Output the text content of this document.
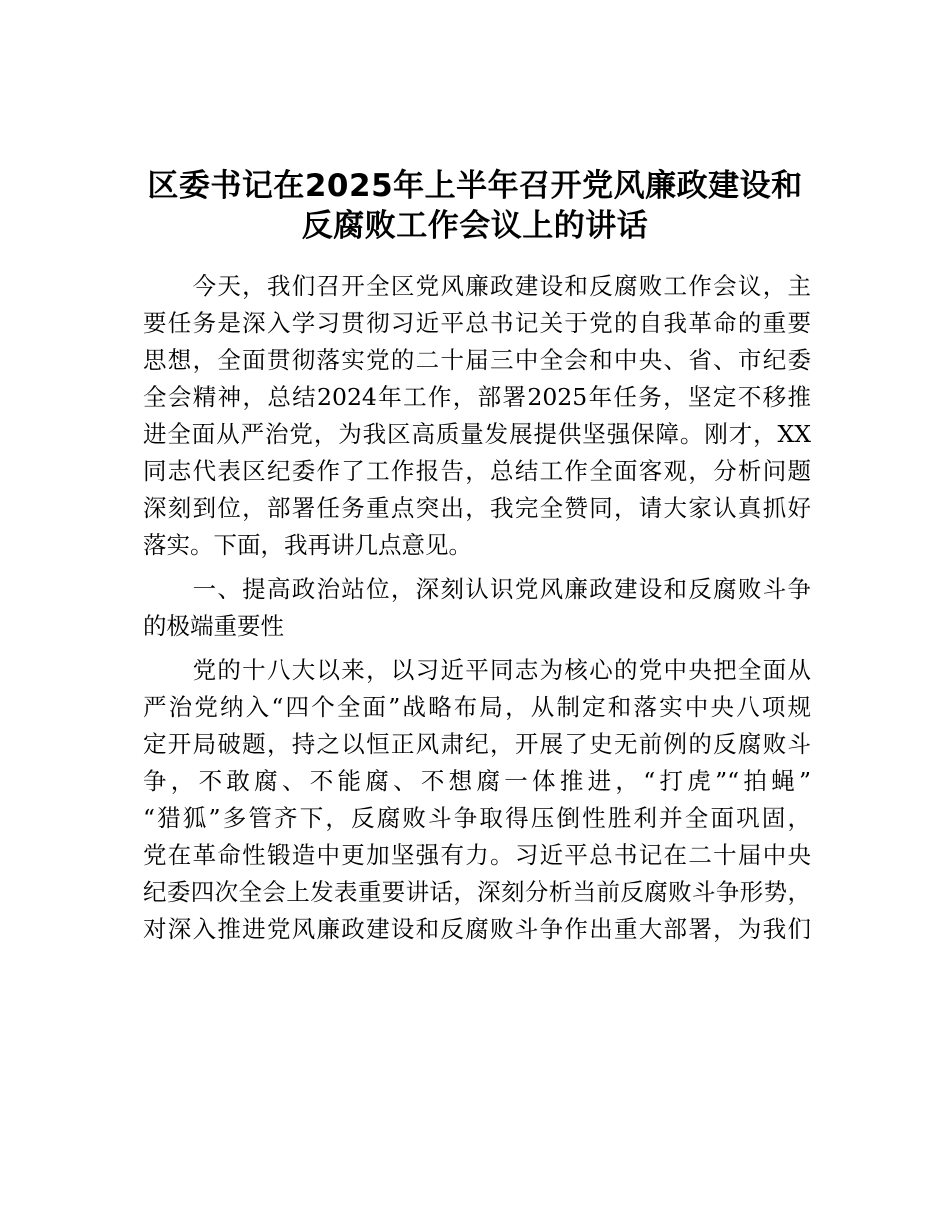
区委书记在2025年上半年召开党风廉政建设和
反腐败工作会议上的讲话
　　今天，我们召开全区党风廉政建设和反腐败工作会议，主
要任务是深入学习贯彻习近平总书记关于党的自我革命的重要
思想，全面贯彻落实党的二十届三中全会和中央、省、市纪委
全会精神，总结2024年工作，部署2025年任务，坚定不移推
进全面从严治党，为我区高质量发展提供坚强保障。刚才，XX
同志代表区纪委作了工作报告，总结工作全面客观，分析问题
深刻到位，部署任务重点突出，我完全赞同，请大家认真抓好
落实。下面，我再讲几点意见。
　　一、提高政治站位，深刻认识党风廉政建设和反腐败斗争
的极端重要性
　　党的十八大以来，以习近平同志为核心的党中央把全面从
严治党纳入“四个全面”战略布局，从制定和落实中央八项规
定开局破题，持之以恒正风肃纪，开展了史无前例的反腐败斗
争，不敢腐、不能腐、不想腐一体推进，“打虎”“拍蝇”
“猎狐”多管齐下，反腐败斗争取得压倒性胜利并全面巩固，
党在革命性锻造中更加坚强有力。习近平总书记在二十届中央
纪委四次全会上发表重要讲话，深刻分析当前反腐败斗争形势，
对深入推进党风廉政建设和反腐败斗争作出重大部署，为我们
